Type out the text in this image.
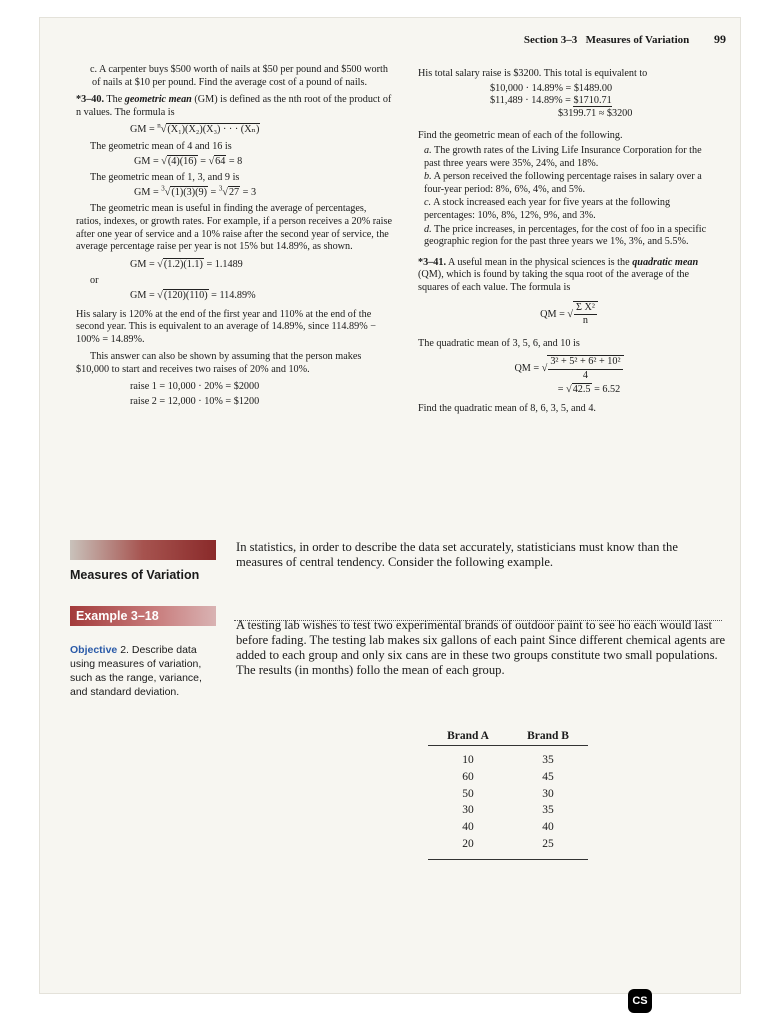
Section 3–3 Measures of Variation 99

c. A carpenter buys $500 worth of nails at $50 per pound and $500 worth of nails at $10 per pound. Find the average cost of a pound of nails.

*3–40. The geometric mean (GM) is defined as the nth root of the product of n values. The formula is

GM = $^n$√(X₁)(X₂)(X₃) · · · (Xₙ)

The geometric mean of 4 and 16 is

GM = √(4)(16) = √64 = 8

The geometric mean of 1, 3, and 9 is

GM = $^3$√(1)(3)(9) = $^3$√27 = 3

The geometric mean is useful in finding the average of percentages, ratios, indexes, or growth rates. For example, if a person receives a 20% raise after one year of service and a 10% raise after the second year of service, the average percentage raise per year is not 15% but 14.89%, as shown.

GM = √(1.2)(1.1) = 1.1489
or
GM = √(120)(110) = 114.89%

His salary is 120% at the end of the first year and 110% at the end of the second year. This is equivalent to an average of 14.89%, since 114.89% − 100% = 14.89%.

This answer can also be shown by assuming that the person makes $10,000 to start and receives two raises of 20% and 10%.

raise 1 = 10,000 · 20% = $2000
raise 2 = 12,000 · 10% = $1200

His total salary raise is $3200. This total is equivalent to

$10,000 · 14.89% = $1489.00
$11,489 · 14.89% = $1710.71
$3199.71 ≈ $3200

Find the geometric mean of each of the following.

a. The growth rates of the Living Life Insurance Corporation for the past three years were 35%, 24%, and 18%.

b. A person received the following percentage raises in salary over a four-year period: 8%, 6%, 4%, and 5%.

c. A stock increased each year for five years at the following percentages: 10%, 8%, 12%, 9%, and 3%.

d. The price increases, in percentages, for the cost of foo in a specific geographic region for the past three years we 1%, 3%, and 5.5%.

*3–41. A useful mean in the physical sciences is the quadratic mean (QM), which is found by taking the squa root of the average of the squares of each value. The formula is

QM = √ $\frac{\text{Σ X²}}{n}$

The quadratic mean of 3, 5, 6, and 10 is

QM = √ $\frac{\text{3² + 5² + 6² + 10²}}{4}$
= √42.5 = 6.52

Find the quadratic mean of 8, 6, 3, 5, and 4.

Measures of Variation
In statistics, in order to describe the data set accurately, statisticians must know than the measures of central tendency. Consider the following example.
Example 3–18
Objective 2. Describe data using measures of variation, such as the range, variance, and standard deviation.
A testing lab wishes to test two experimental brands of outdoor paint to see ho each would last before fading. The testing lab makes six gallons of each paint Since different chemical agents are added to each group and only six cans are in these two groups constitute two small populations. The results (in months) follo the mean of each group.
Brand A	Brand B
10	35
60	45
50	30
30	35
40	40
20	25
CS
